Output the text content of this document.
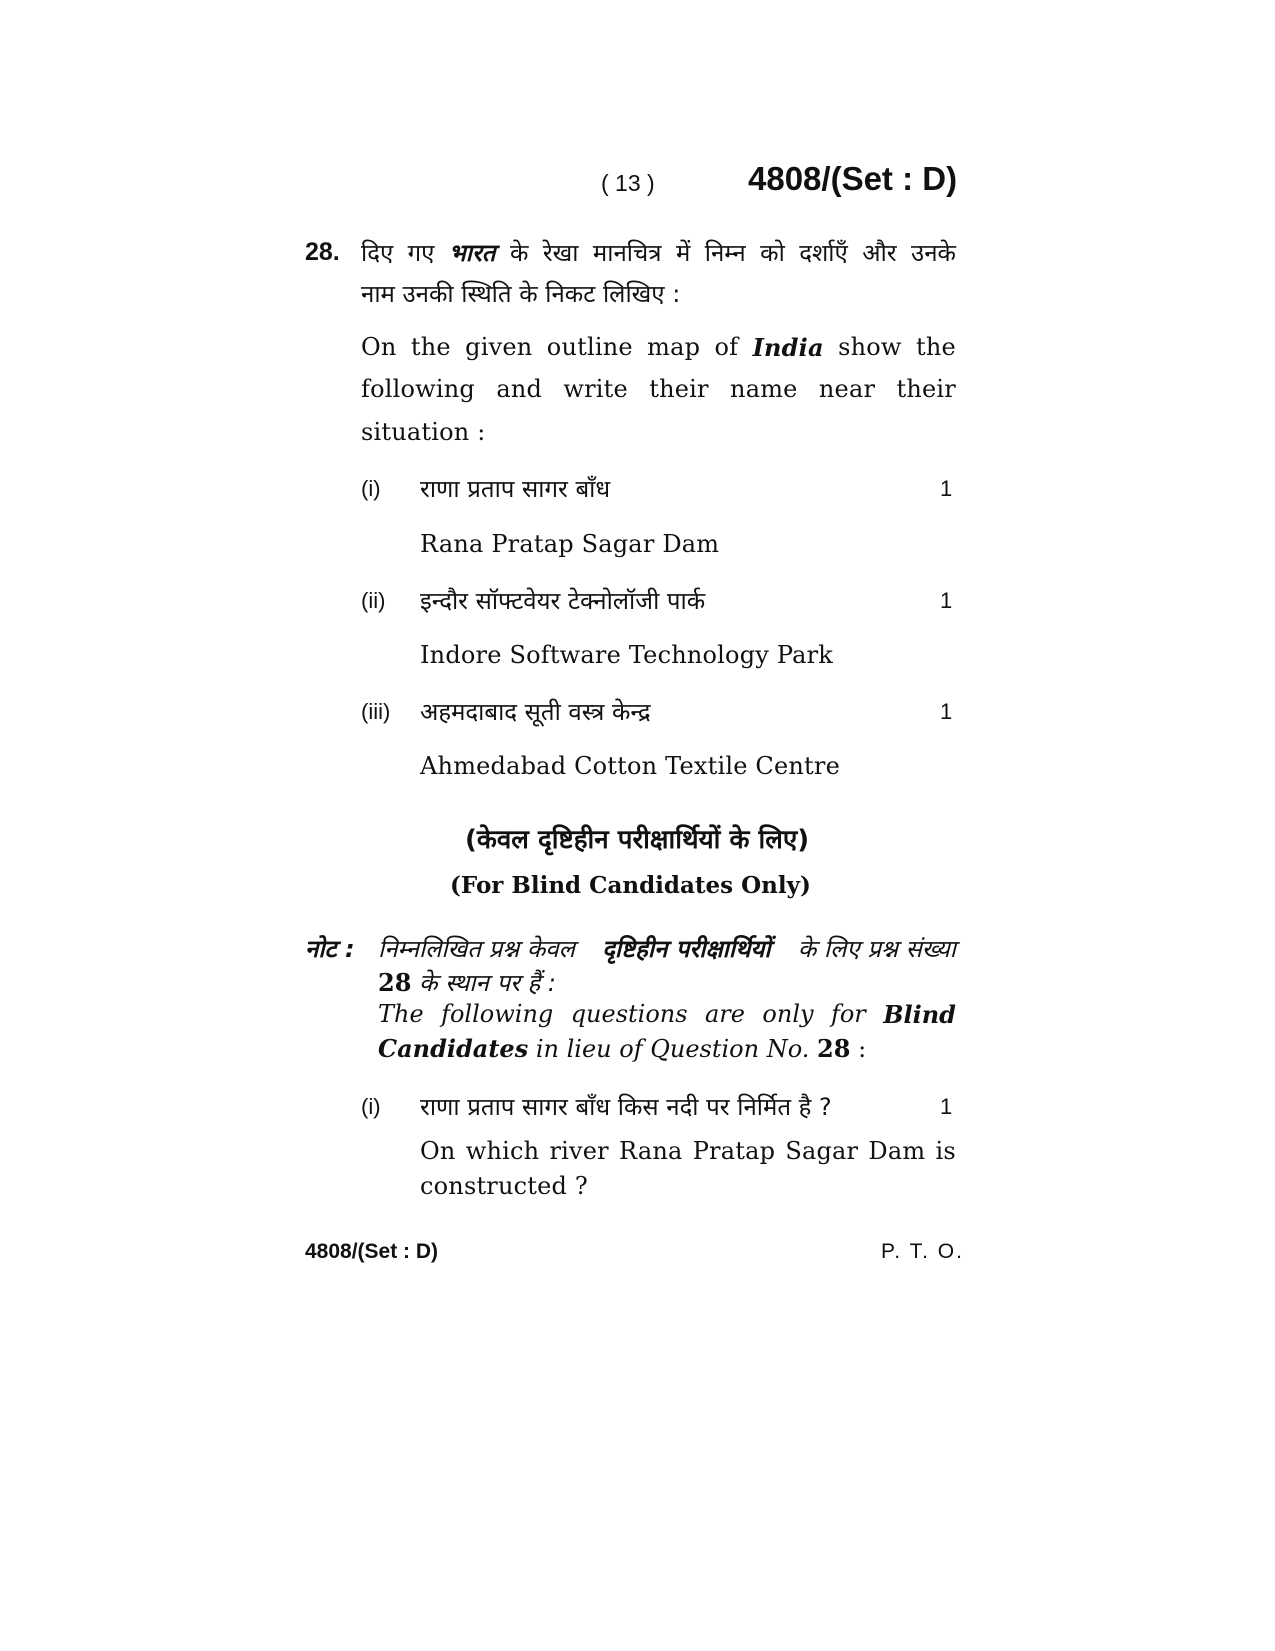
( 13 )	4808/(Set : D)
28. दिए गए भारत के रेखा मानचित्र में निम्न को दर्शाएँ और उनके
नाम उनकी स्थिति के निकट लिखिए :
On the given outline map of India show the
following and write their name near their
situation :
(i) राणा प्रताप सागर बाँध	1
Rana Pratap Sagar Dam
(ii) इन्दौर सॉफ्टवेयर टेक्नोलॉजी पार्क	1
Indore Software Technology Park
(iii) अहमदाबाद सूती वस्त्र केन्द्र	1
Ahmedabad Cotton Textile Centre
(केवल दृष्टिहीन परीक्षार्थियों के लिए)
(For Blind Candidates Only)
नोट : निम्नलिखित प्रश्न केवल दृष्टिहीन परीक्षार्थियों के लिए प्रश्न संख्या
28 के स्थान पर हैं :
The following questions are only for Blind
Candidates in lieu of Question No. 28 :
(i) राणा प्रताप सागर बाँध किस नदी पर निर्मित है ?	1
On which river Rana Pratap Sagar Dam is
constructed ?
4808/(Set : D)	P. T. O.
